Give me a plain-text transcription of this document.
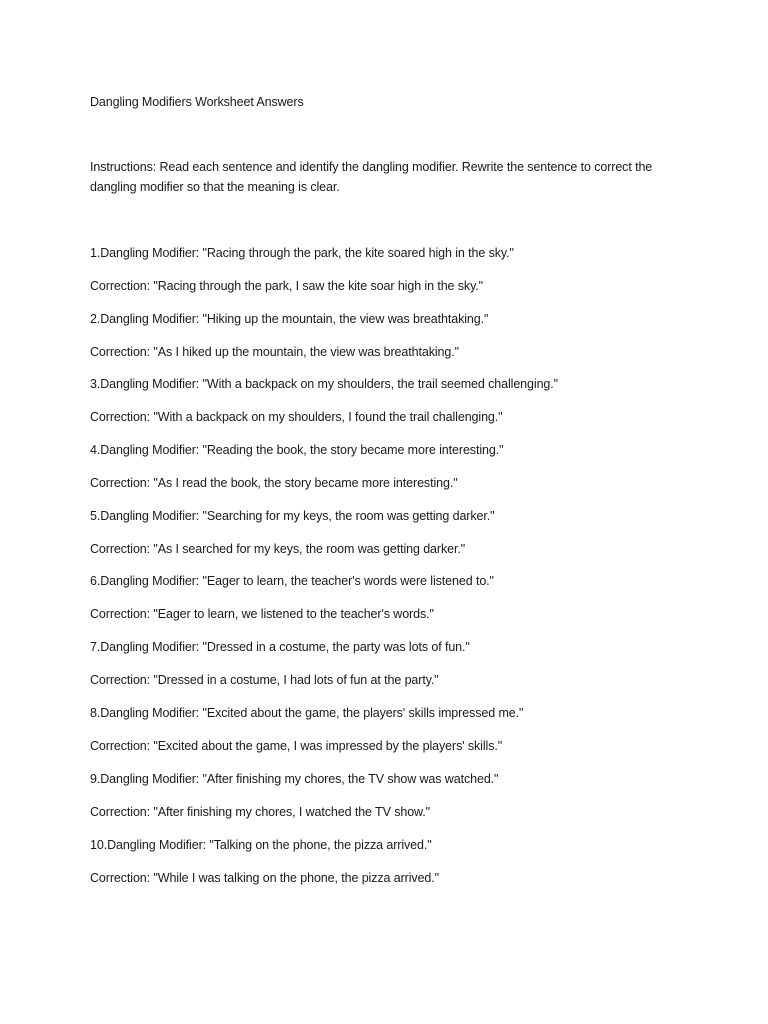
Dangling Modifiers Worksheet Answers
Instructions: Read each sentence and identify the dangling modifier. Rewrite the sentence to correct the dangling modifier so that the meaning is clear.
1.Dangling Modifier: "Racing through the park, the kite soared high in the sky."
Correction: "Racing through the park, I saw the kite soar high in the sky."
2.Dangling Modifier: "Hiking up the mountain, the view was breathtaking."
Correction: "As I hiked up the mountain, the view was breathtaking."
3.Dangling Modifier: "With a backpack on my shoulders, the trail seemed challenging."
Correction: "With a backpack on my shoulders, I found the trail challenging."
4.Dangling Modifier: "Reading the book, the story became more interesting."
Correction: "As I read the book, the story became more interesting."
5.Dangling Modifier: "Searching for my keys, the room was getting darker."
Correction: "As I searched for my keys, the room was getting darker."
6.Dangling Modifier: "Eager to learn, the teacher's words were listened to."
Correction: "Eager to learn, we listened to the teacher's words."
7.Dangling Modifier: "Dressed in a costume, the party was lots of fun."
Correction: "Dressed in a costume, I had lots of fun at the party."
8.Dangling Modifier: "Excited about the game, the players' skills impressed me."
Correction: "Excited about the game, I was impressed by the players' skills."
9.Dangling Modifier: "After finishing my chores, the TV show was watched."
Correction: "After finishing my chores, I watched the TV show."
10.Dangling Modifier: "Talking on the phone, the pizza arrived."
Correction: "While I was talking on the phone, the pizza arrived."
